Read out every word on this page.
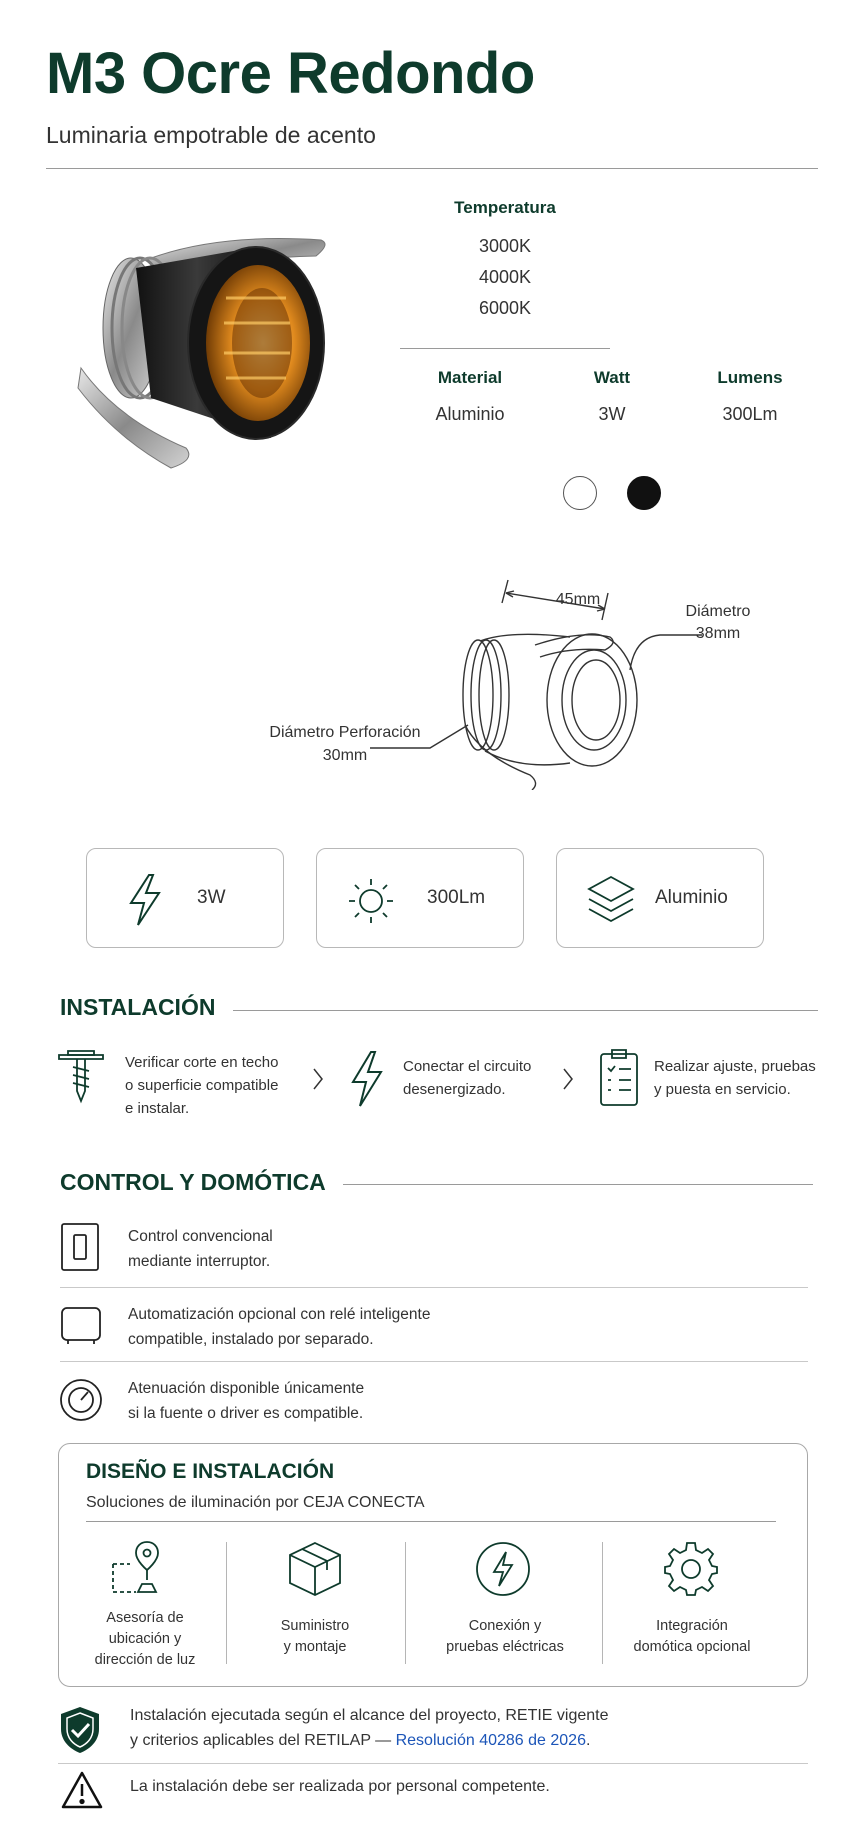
M3 Ocre Redondo
Luminaria empotrable de acento
Temperatura
3000K
4000K
6000K
Material
Aluminio
Watt
3W
Lumens
300Lm
45mm
Diámetro
38mm
Diámetro Perforación
30mm
3W	300Lm	Aluminio
INSTALACIÓN
Verificar corte en techo
o superficie compatible
e instalar.
Conectar el circuito
desenergizado.
Realizar ajuste, pruebas
y puesta en servicio.
CONTROL Y DOMÓTICA
Control convencional
mediante interruptor.
Automatización opcional con relé inteligente
compatible, instalado por separado.
Atenuación disponible únicamente
si la fuente o driver es compatible.
DISEÑO E INSTALACIÓN
Soluciones de iluminación por CEJA CONECTA
Asesoría de
ubicación y
dirección de luz
Suministro
y montaje
Conexión y
pruebas eléctricas
Integración
domótica opcional
Instalación ejecutada según el alcance del proyecto, RETIE vigente
y criterios aplicables del RETILAP — Resolución 40286 de 2026.
La instalación debe ser realizada por personal competente.
